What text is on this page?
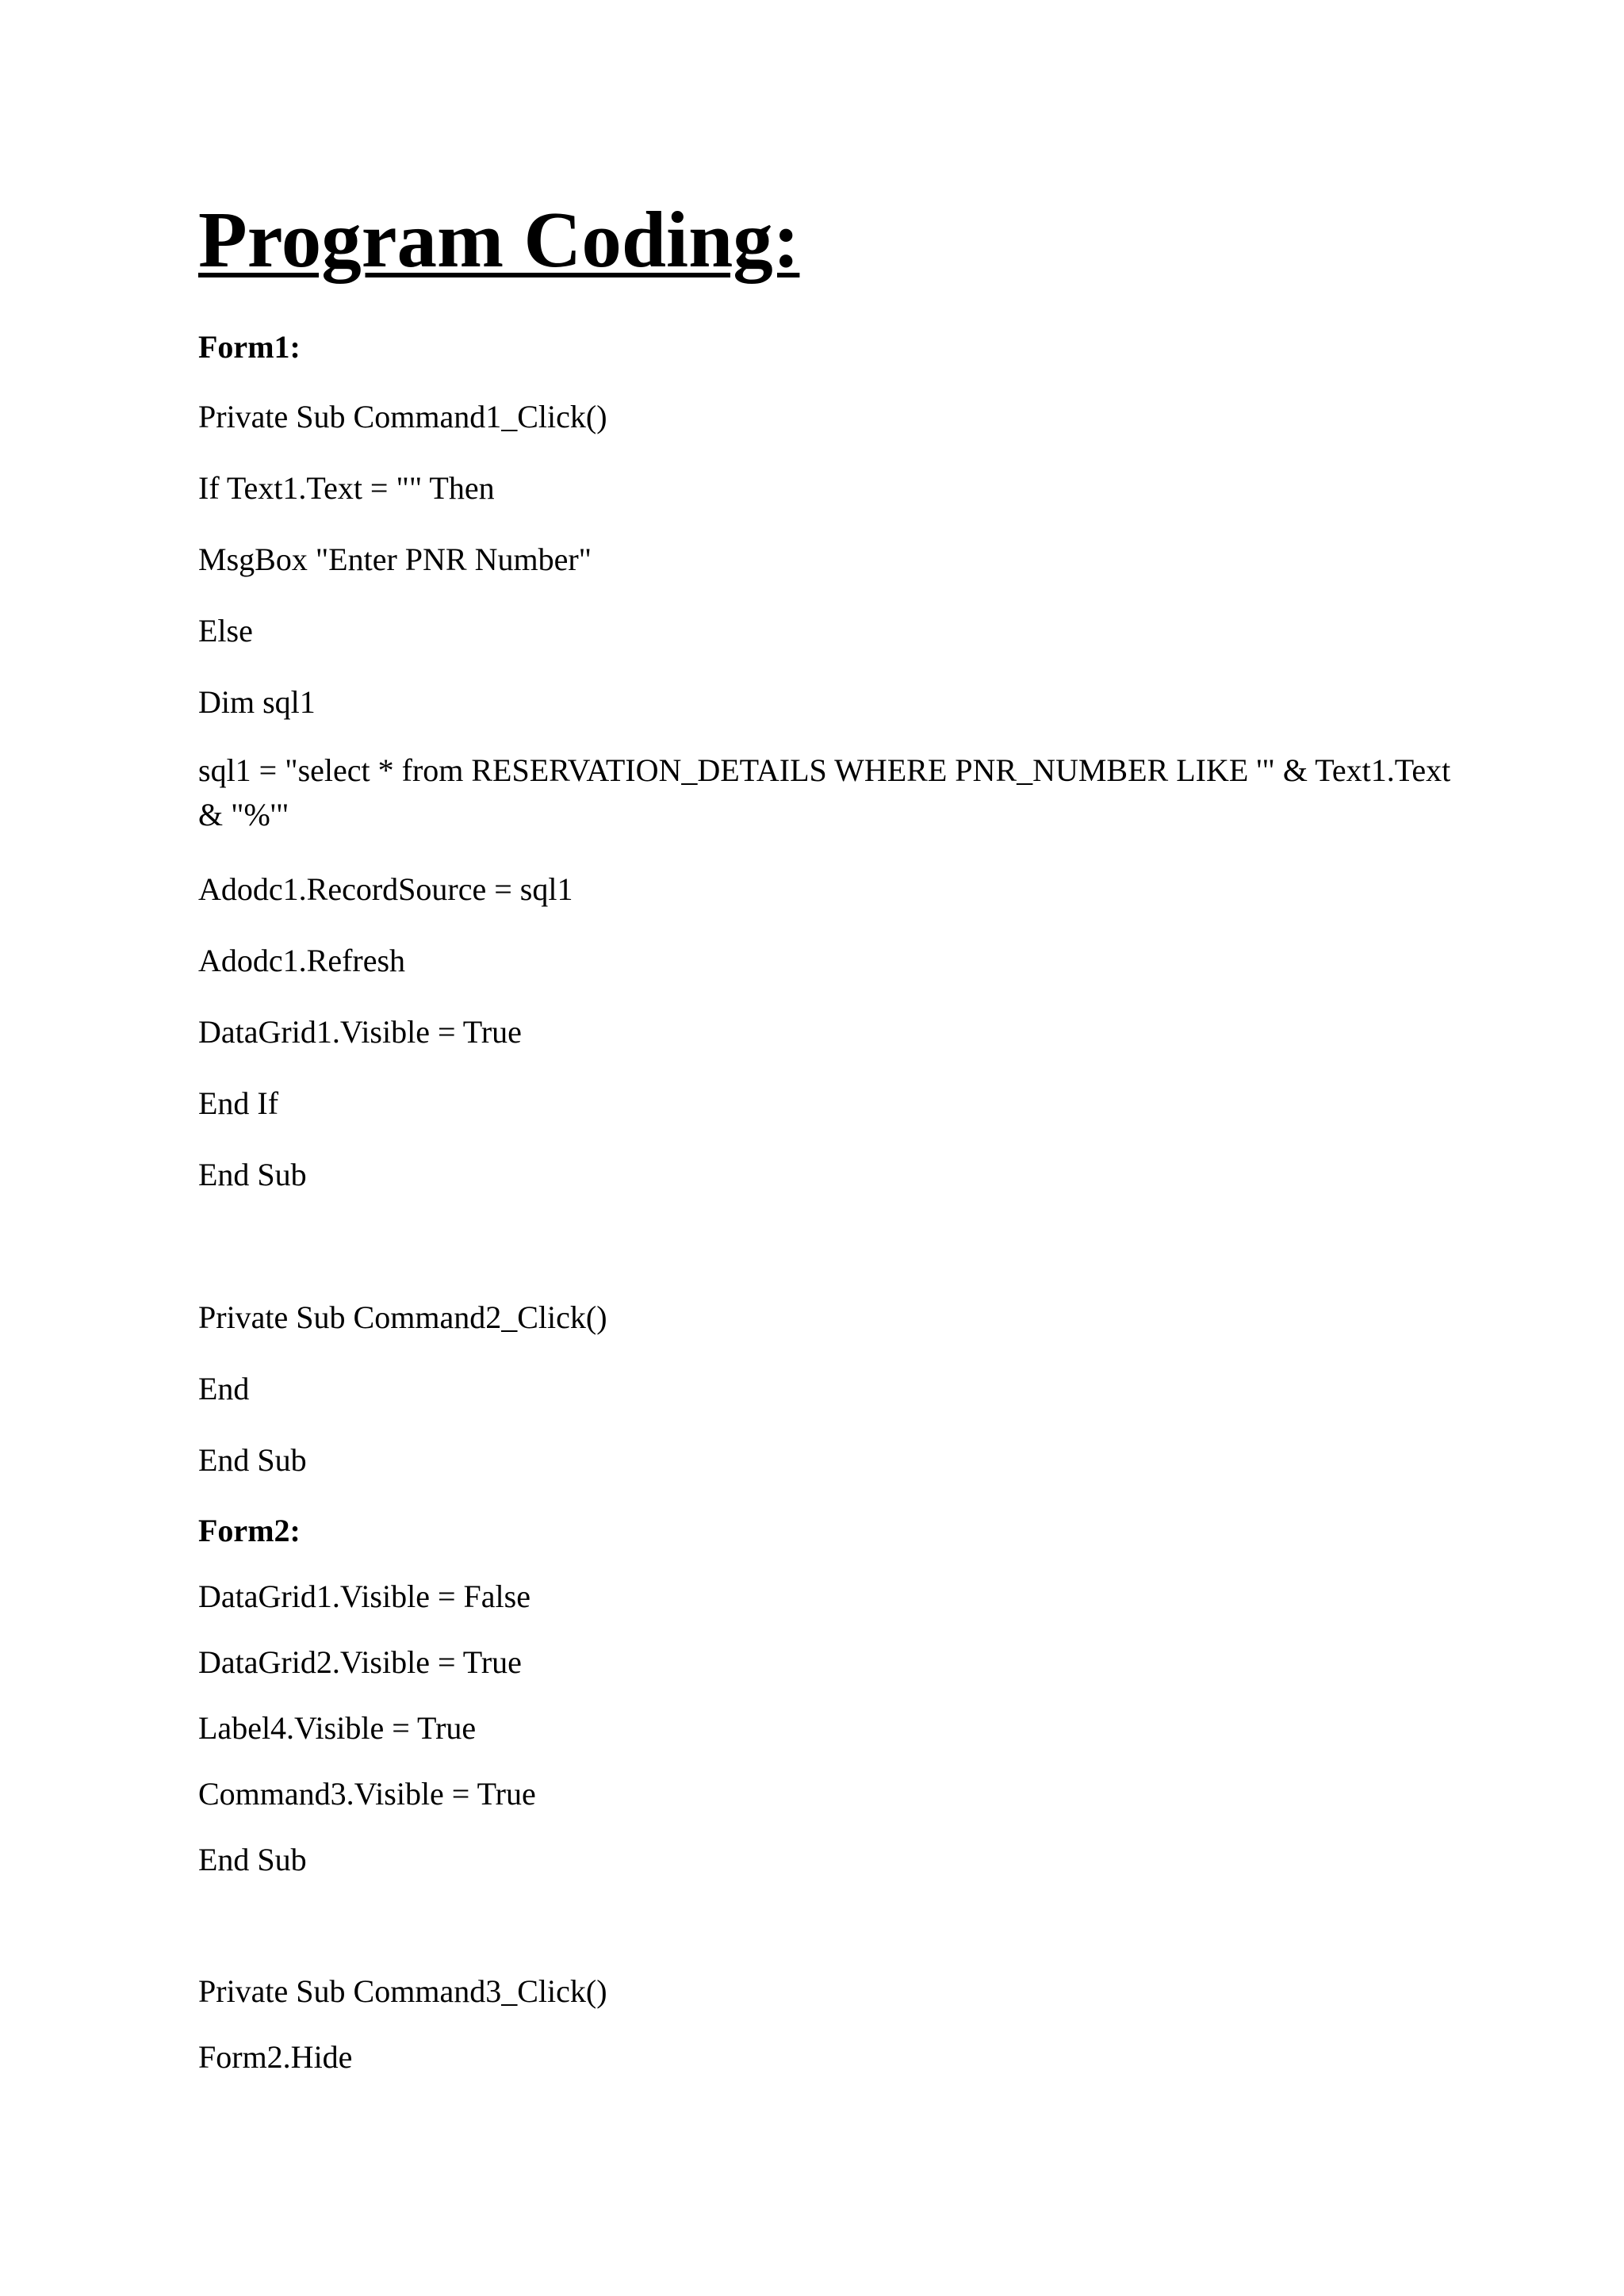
Program Coding:
Form1:
Private Sub Command1_Click()
If Text1.Text = "" Then
MsgBox "Enter PNR Number"
Else
Dim sql1
sql1 = "select * from RESERVATION_DETAILS WHERE PNR_NUMBER LIKE '" & Text1.Text & "%'"
Adodc1.RecordSource = sql1
Adodc1.Refresh
DataGrid1.Visible = True
End If
End Sub
Private Sub Command2_Click()
End
End Sub
Form2:
DataGrid1.Visible = False
DataGrid2.Visible = True
Label4.Visible = True
Command3.Visible = True
End Sub
Private Sub Command3_Click()
Form2.Hide
